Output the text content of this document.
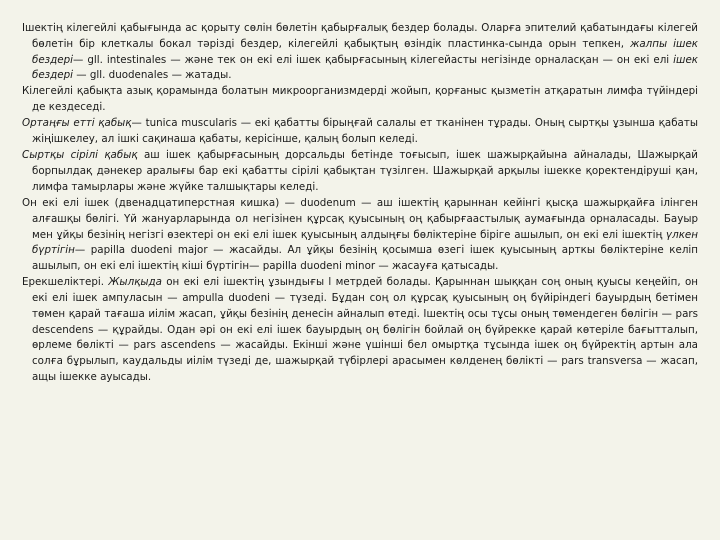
Ішектің кілегейлі қабығында ас қорыту сөлін бөлетін қабырғалық бездер болады. Оларға эпителий қабатындағы кілегей бөлетін бір клеткалы бокал тәрізді бездер, кілегейлі қабықтың өзіндік пластинка-сында орын тепкен, жалпы ішек бездері— gll. intestinales — және тек он екі елі ішек қабырғасының кілегейасты негізінде орналасқан — он екі елі ішек бездері — gll. duodenales — жатады.

Кілегейлі қабықта азық қорамында болатын микроорганизмдерді жойып, қорғаныс қызметін атқаратын лимфа түйіндері де кездеседі.

Ортаңғы етті қабық— tunica muscularis — екі қабатты бірыңғай салалы ет тканінен тұрады. Оның сыртқы ұзынша қабаты жіңішкелеу, ал ішкі сақинаша қабаты, керісінше, қалың болып келеді.

Сыртқы сірілі қабық аш ішек қабырғасының дорсальды бетінде тоғысып, ішек шажырқайына айналады, Шажырқай борпылдақ дәнекер аралығы бар екі қабатты сірілі қабықтан түзілген. Шажырқай арқылы ішекке қоректендіруші қан, лимфа тамырлары және жүйке талшықтары келеді.

Он екі елі ішек (двенадцатиперстная кишка) — duodenum — аш ішектің қарыннан кейінгі қысқа шажырқайға ілінген алғашқы бөлігі. Үй жануарларында ол негізінен құрсақ қуысының оң қабырғаастылық аумағында орналасады. Бауыр мен ұйқы безінің негізгі өзектері он екі елі ішек қуысының алдыңғы бөліктеріне біріге ашылып, он екі елі ішектің үлкен бүртігін— papilla duodeni major — жасайды. Ал ұйқы безінің қосымша өзегі ішек қуысының арткы бөліктеріне келіп ашылып, он екі елі ішектің кіші бүртігін— papilla duodeni minor — жасауға қатысады.

Ерекшеліктері. Жылқыда он екі елі ішектің ұзындығы l метрдей болады. Қарыннан шыққан соң оның қуысы кеңейіп, он екі елі ішек ампуласын — ampulla duodeni — түзеді. Бұдан соң ол құрсақ қуысының оң бүйіріндегі бауырдың бетімен төмен қарай тағаша иілім жасап, ұйқы безінің денесін айналып өтеді. Ішектің осы тұсы оның төмендеген бөлігін — pars descendens — құрайды. Одан әрі он екі елі ішек бауырдың оң бөлігін бойлай оң бүйрекке қарай көтеріле бағытталып, өрлеме бөлікті — pars ascendens — жасайды. Екінші және үшінші бел омыртқа тұсында ішек оң бүйректің артын ала солға бұрылып, каудальды иілім түзеді де, шажырқай түбірлері арасымен көлденең бөлікті — pars transversa — жасап, ащы ішекке ауысады.
